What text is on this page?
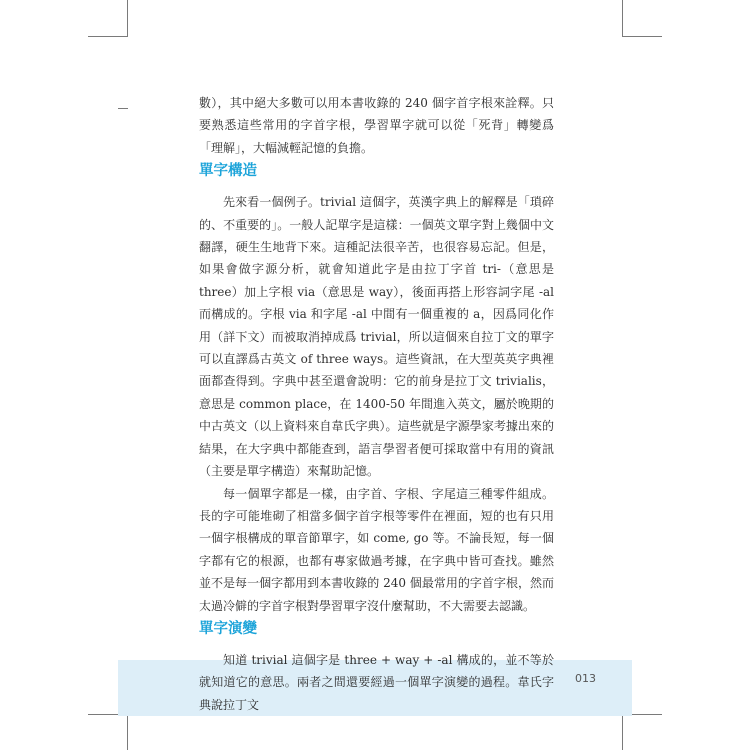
013

數），其中絕大多數可以用本書收錄的 240 個字首字根來詮釋。只要熟悉這些常用的字首字根，學習單字就可以從「死背」轉變爲「理解」，大幅減輕記憶的負擔。

單字構造

先來看一個例子。trivial 這個字，英漢字典上的解釋是「瑣碎的、不重要的」。一般人記單字是這樣：一個英文單字對上幾個中文翻譯，硬生生地背下來。這種記法很辛苦，也很容易忘記。但是，如果會做字源分析，就會知道此字是由拉丁字首 tri-（意思是 three）加上字根 via（意思是 way），後面再搭上形容詞字尾 -al 而構成的。字根 via 和字尾 -al 中間有一個重複的 a，因爲同化作用（詳下文）而被取消掉成爲 trivial，所以這個來自拉丁文的單字可以直譯爲古英文 of three ways。這些資訊，在大型英英字典裡面都查得到。字典中甚至還會說明：它的前身是拉丁文 trivialis，意思是 common place，在 1400-50 年間進入英文，屬於晚期的中古英文（以上資料來自韋氏字典）。這些就是字源學家考據出來的結果，在大字典中都能查到，語言學習者便可採取當中有用的資訊（主要是單字構造）來幫助記憶。

每一個單字都是一樣，由字首、字根、字尾這三種零件組成。長的字可能堆砌了相當多個字首字根等零件在裡面，短的也有只用一個字根構成的單音節單字，如 come, go 等。不論長短，每一個字都有它的根源，也都有專家做過考據，在字典中皆可查找。雖然並不是每一個字都用到本書收錄的 240 個最常用的字首字根，然而太過冷僻的字首字根對學習單字沒什麼幫助，不大需要去認識。

單字演變

知道 trivial 這個字是 three + way + -al 構成的，並不等於就知道它的意思。兩者之間還要經過一個單字演變的過程。韋氏字典說拉丁文
